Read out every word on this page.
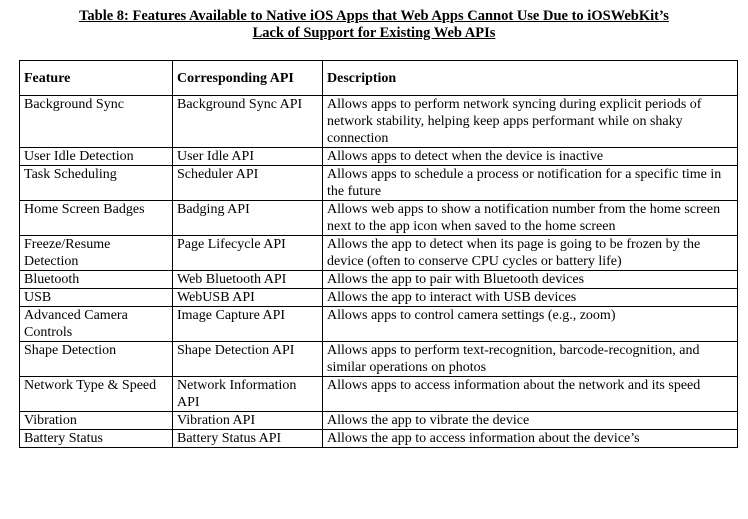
Table 8: Features Available to Native iOS Apps that Web Apps Cannot Use Due to iOSWebKit’s
Lack of Support for Existing Web APIs
Feature	Corresponding API	Description
Background Sync	Background Sync API	Allows apps to perform network syncing during explicit periods of network stability, helping keep apps performant while on shaky connection
User Idle Detection	User Idle API	Allows apps to detect when the device is inactive
Task Scheduling	Scheduler API	Allows apps to schedule a process or notification for a specific time in the future
Home Screen Badges	Badging API	Allows web apps to show a notification number from the home screen next to the app icon when saved to the home screen
Freeze/Resume Detection	Page Lifecycle API	Allows the app to detect when its page is going to be frozen by the device (often to conserve CPU cycles or battery life)
Bluetooth	Web Bluetooth API	Allows the app to pair with Bluetooth devices
USB	WebUSB API	Allows the app to interact with USB devices
Advanced Camera Controls	Image Capture API	Allows apps to control camera settings (e.g., zoom)
Shape Detection	Shape Detection API	Allows apps to perform text-recognition, barcode-recognition, and similar operations on photos
Network Type & Speed	Network Information API	Allows apps to access information about the network and its speed
Vibration	Vibration API	Allows the app to vibrate the device
Battery Status	Battery Status API	Allows the app to access information about the device’s
